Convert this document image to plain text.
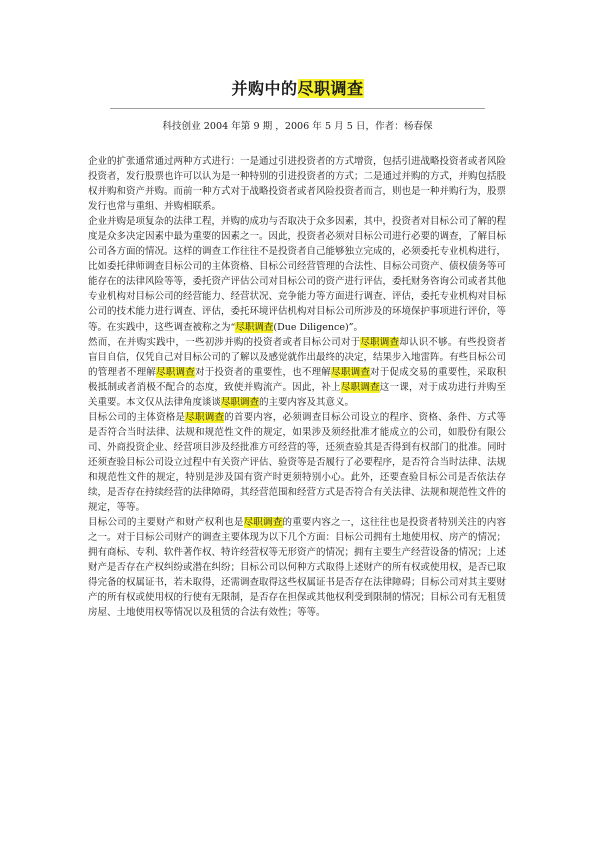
并购中的尽职调查
科技创业 2004 年第 9 期 ，2006 年 5 月 5 日，作者：杨春保

企业的扩张通常通过两种方式进行：一是通过引进投资者的方式增资，包括引进战略投资者或者风险投资者，发行股票也许可以认为是一种特别的引进投资者的方式；二是通过并购的方式，并购包括股权并购和资产并购。而前一种方式对于战略投资者或者风险投资者而言，则也是一种并购行为，股票发行也常与重组、并购相联系。

企业并购是项复杂的法律工程，并购的成功与否取决于众多因素，其中，投资者对目标公司了解的程度是众多决定因素中最为重要的因素之一。因此，投资者必须对目标公司进行必要的调查，了解目标公司各方面的情况。这样的调查工作往往不是投资者自己能够独立完成的，必须委托专业机构进行，比如委托律师调查目标公司的主体资格、目标公司经营管理的合法性、目标公司资产、债权债务等可能存在的法律风险等等，委托资产评估公司对目标公司的资产进行评估，委托财务咨询公司或者其他专业机构对目标公司的经营能力、经营状况、竞争能力等方面进行调查、评估，委托专业机构对目标公司的技术能力进行调查、评估，委托环境评估机构对目标公司所涉及的环境保护事项进行评价，等等。在实践中，这些调查被称之为“尽职调查(Due Diligence)”。

然而，在并购实践中，一些初涉并购的投资者或者目标公司对于尽职调查却认识不够。有些投资者盲目自信，仅凭自己对目标公司的了解以及感觉就作出最终的决定，结果步入地雷阵。有些目标公司的管理者不理解尽职调查对于投资者的重要性，也不理解尽职调查对于促成交易的重要性，采取积极抵制或者消极不配合的态度，致使并购流产。因此，补上尽职调查这一课，对于成功进行并购至关重要。本文仅从法律角度谈谈尽职调查的主要内容及其意义。

目标公司的主体资格是尽职调查的首要内容，必须调查目标公司设立的程序、资格、条件、方式等是否符合当时法律、法规和规范性文件的规定，如果涉及须经批准才能成立的公司，如股份有限公司、外商投资企业、经营项目涉及经批准方可经营的等，还须查验其是否得到有权部门的批准。同时还须查验目标公司设立过程中有关资产评估、验资等是否履行了必要程序，是否符合当时法律、法规和规范性文件的规定，特别是涉及国有资产时更须特别小心。此外，还要查验目标公司是否依法存续，是否存在持续经营的法律障碍，其经营范围和经营方式是否符合有关法律、法规和规范性文件的规定，等等。

目标公司的主要财产和财产权利也是尽职调查的重要内容之一，这往往也是投资者特别关注的内容之一。对于目标公司财产的调查主要体现为以下几个方面：目标公司拥有土地使用权、房产的情况；拥有商标、专利、软件著作权、特许经营权等无形资产的情况；拥有主要生产经营设备的情况；上述财产是否存在产权纠纷或潜在纠纷；目标公司以何种方式取得上述财产的所有权或使用权，是否已取得完备的权属证书，若未取得，还需调查取得这些权属证书是否存在法律障碍；目标公司对其主要财产的所有权或使用权的行使有无限制，是否存在担保或其他权利受到限制的情况；目标公司有无租赁房屋、土地使用权等情况以及租赁的合法有效性；等等。
